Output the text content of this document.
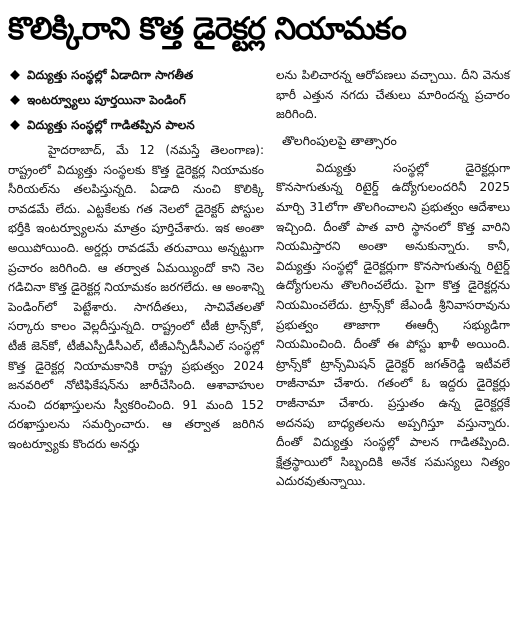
కొలిక్కిరాని కొత్త డైరెక్టర్ల నియామకం
విద్యుత్తు సంస్థల్లో ఏడాదిగా సాగతీత
ఇంటర్వ్యూలు పూర్తయినా పెండింగ్
విద్యుత్తు సంస్థల్లో గాడితప్పిన పాలన

హైదరాబాద్, మే 12 (నమస్తే తెలంగాణ): రాష్ట్రంలో విద్యుత్తు సంస్థలకు కొత్త డైరెక్టర్ల నియామకం సీరియల్‌ను తలపిస్తున్నది. ఏడాది నుంచి కొలిక్కి రావడమే లేదు. ఎట్టకేలకు గత నెలలో డైరెక్టర్ పోస్టుల భర్తీకి ఇంటర్వ్యూలను మాత్రం పూర్తిచేశారు. ఇక అంతా అయిపోయింది. అర్డర్లు రావడమే తరువాయి అన్నట్టుగా ప్రచారం జరిగింది. ఆ తర్వాత ఏమయ్యిందో కాని నెల గడిచినా కొత్త డైరెక్టర్ల నియామకం జరగలేదు. ఆ అంశాన్ని పెండింగ్‌లో పెట్టేశారు. సాగదీతలు, సాచివేతలతో సర్కారు కాలం వెల్లదీస్తున్నది. రాష్ట్రంలో టీజీ ట్రాన్స్‌కో, టీజీ జెన్‌కో, టీజీఎస్పీడీసీఎల్, టీజీఎన్పీడీసీఎల్ సంస్థల్లో కొత్త డైరెక్టర్ల నియామకానికి రాష్ట్ర ప్రభుత్వం 2024 జనవరిలో నోటిఫికేషన్‌ను జారీచేసింది. ఆశావాహుల నుంచి దరఖాస్తులను స్వీకరించింది. 91 మంది 152 దరఖాస్తులను సమర్పించారు. ఆ తర్వాత జరిగిన ఇంటర్వ్యూకు కొందరు అనర్హు

లను పిలిచారన్న ఆరోపణలు వచ్చాయి. దీని వెనుక భారీ ఎత్తున నగదు చేతులు మారిందన్న ప్రచారం జరిగింది.

తొలగింపులపై తాత్సారం

విద్యుత్తు సంస్థల్లో డైరెక్టర్లుగా కొనసాగుతున్న రిటైర్డ్ ఉద్యోగులందరినీ 2025 మార్చి 31లోగా తొలగించాలని ప్రభుత్వం ఆదేశాలు ఇచ్చింది. దీంతో పాత వారి స్థానంలో కొత్త వారిని నియమిస్తారని అంతా అనుకున్నారు. కానీ, విద్యుత్తు సంస్థల్లో డైరెక్టర్లుగా కొనసాగుతున్న రిటైర్డ్ ఉద్యోగులను తొలగించలేదు. పైగా కొత్త డైరెక్టర్లను నియమించలేదు. ట్రాన్స్‌కో జేఎండీ శ్రీనివాసరావును ప్రభుత్వం తాజాగా ఈఆర్సీ సభ్యుడిగా నియమించింది. దీంతో ఈ పోస్టు ఖాళీ అయింది. ట్రాన్స్‌కో ట్రాన్స్‌మిషన్ డైరెక్టర్ జగత్‌రెడ్డి ఇటీవలే రాజీనామా చేశారు. గతంలో ఓ ఇద్దరు డైరెక్టర్లు రాజీనామా చేశారు. ప్రస్తుతం ఉన్న డైరెక్టర్లకే అదనపు బాధ్యతలను అప్పగిస్తూ వస్తున్నారు. దీంతో విద్యుత్తు సంస్థల్లో పాలన గాడితప్పింది. క్షేత్రస్థాయిలో సిబ్బందికి అనేక సమస్యలు నిత్యం ఎదురవుతున్నాయి.
